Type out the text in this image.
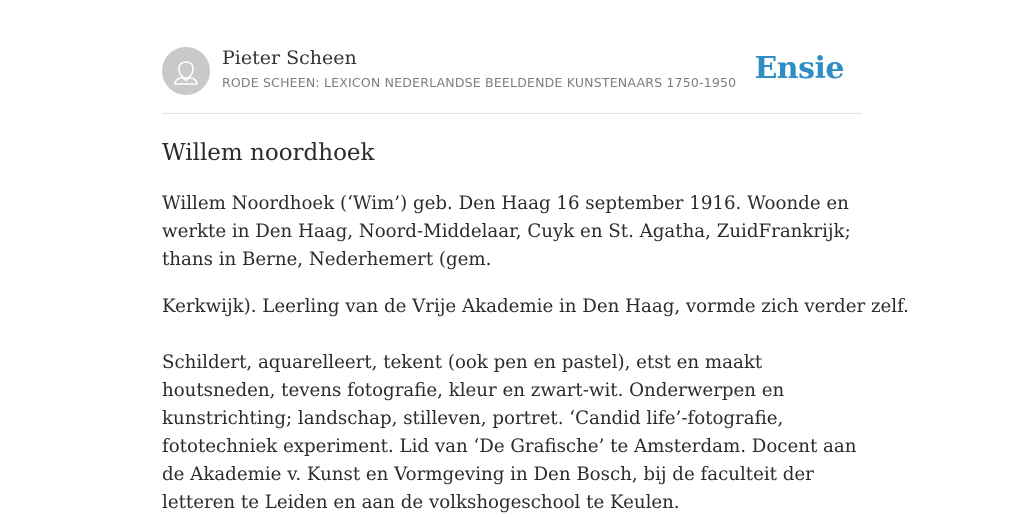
Pieter Scheen
RODE SCHEEN: LEXICON NEDERLANDSE BEELDENDE KUNSTENAARS 1750-1950 Ensie
Willem noordhoek

Willem Noordhoek (‘Wim’) geb. Den Haag 16 september 1916. Woonde en werkte in Den Haag, Noord-Middelaar, Cuyk en St. Agatha, ZuidFrankrijk; thans in Berne, Nederhemert (gem.

Kerkwijk). Leerling van de Vrije Akademie in Den Haag, vormde zich verder zelf.

Schildert, aquarelleert, tekent (ook pen en pastel), etst en maakt houtsneden, tevens fotografie, kleur en zwart-wit. Onderwerpen en kunstrichting; landschap, stilleven, portret. ‘Candid life’-fotografie, fototechniek experiment. Lid van ‘De Grafische’ te Amsterdam. Docent aan de Akademie v. Kunst en Vormgeving in Den Bosch, bij de faculteit der letteren te Leiden en aan de volkshogeschool te Keulen.
